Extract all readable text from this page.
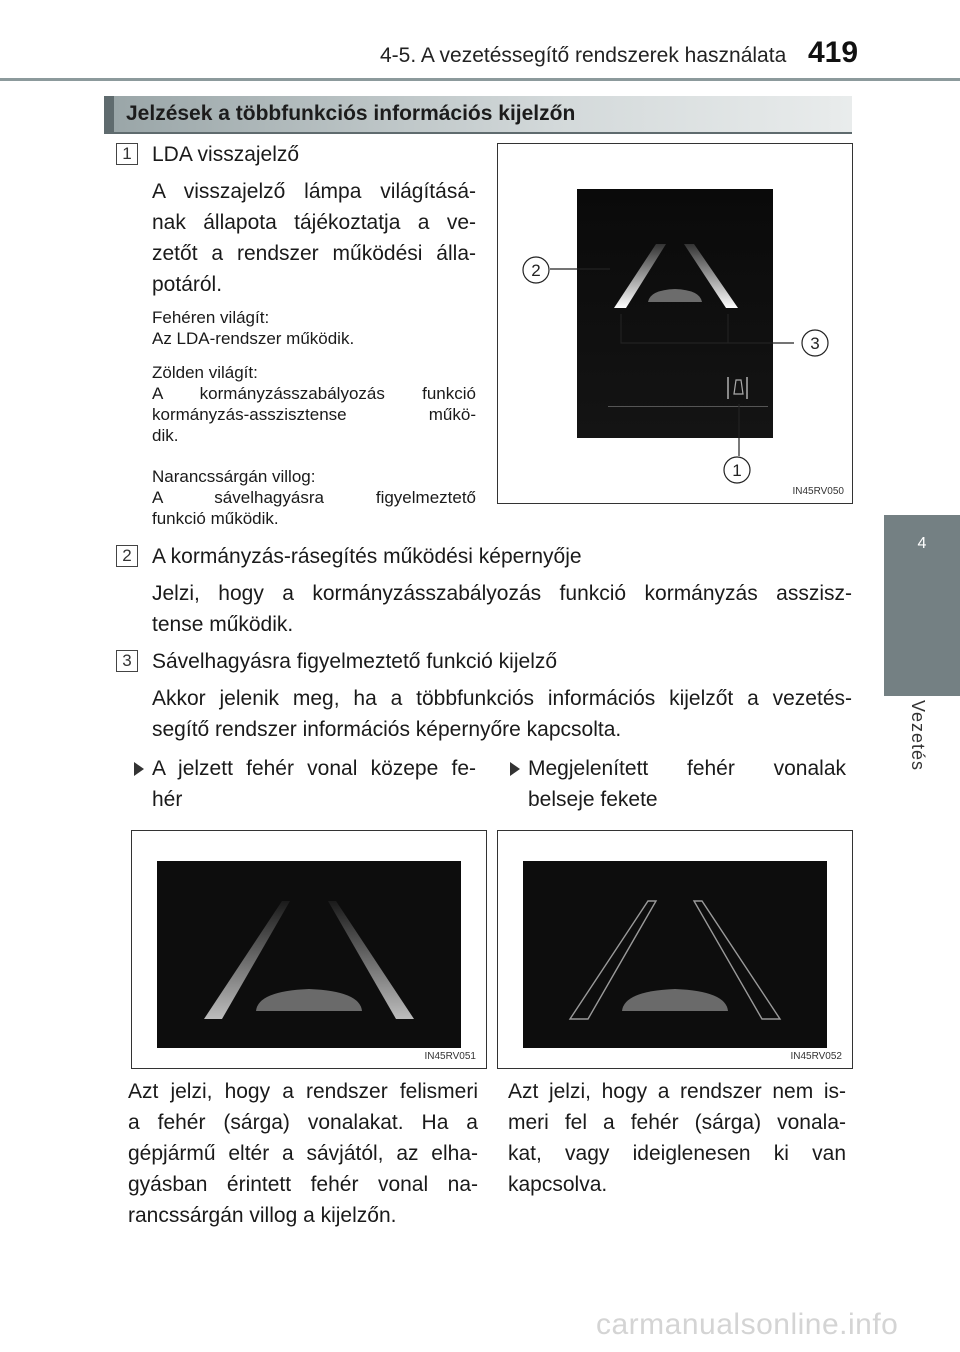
4-5. A vezetéssegítő rendszerek használata 419
4
Vezetés
Jelzések a többfunkciós információs kijelzőn
1 LDA visszajelző
A visszajelző lámpa világításá-
nak állapota tájékoztatja a ve-
zetőt a rendszer működési álla-
potáról.
Fehéren világít:
Az LDA-rendszer működik.
Zölden világít:
A kormányzásszabályozás funkció
kormányzás-asszisztense műkö-
dik.
Narancssárgán villog:
A sávelhagyásra figyelmeztető
funkció működik.
2
3
1
IN45RV050
2 A kormányzás-rásegítés működési képernyője
Jelzi, hogy a kormányzásszabályozás funkció kormányzás asszisz-
tense működik.
3 Sávelhagyásra figyelmeztető funkció kijelző
Akkor jelenik meg, ha a többfunkciós információs kijelzőt a vezetés-
segítő rendszer információs képernyőre kapcsolta.
A jelzett fehér vonal közepe fe-
hér
Megjelenített fehér vonalak
belseje fekete
IN45RV051	IN45RV052
Azt jelzi, hogy a rendszer felismeri
a fehér (sárga) vonalakat. Ha a
gépjármű eltér a sávjától, az elha-
gyásban érintett fehér vonal na-
rancssárgán villog a kijelzőn.
Azt jelzi, hogy a rendszer nem is-
meri fel a fehér (sárga) vonala-
kat, vagy ideiglenesen ki van
kapcsolva.
carmanualsonline.info
